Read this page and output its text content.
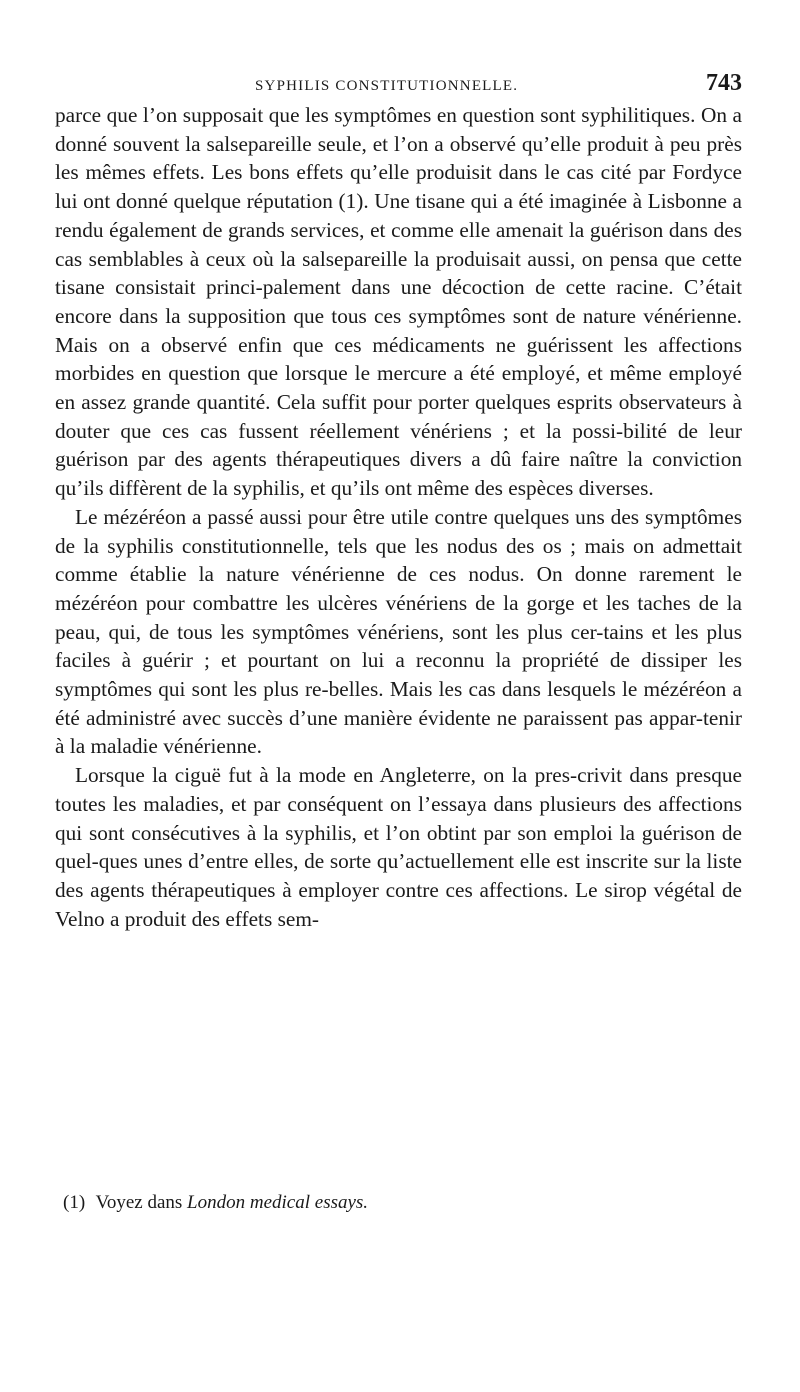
SYPHILIS CONSTITUTIONNELLE.	743

parce que l’on supposait que les symptômes en question sont syphilitiques. On a donné souvent la salsepareille seule, et l’on a observé qu’elle produit à peu près les mêmes effets. Les bons effets qu’elle produisit dans le cas cité par Fordyce lui ont donné quelque réputation (1). Une tisane qui a été imaginée à Lisbonne a rendu également de grands services, et comme elle amenait la guérison dans des cas semblables à ceux où la salsepareille la produisait aussi, on pensa que cette tisane consistait princi-palement dans une décoction de cette racine. C’était encore dans la supposition que tous ces symptômes sont de nature vénérienne. Mais on a observé enfin que ces médicaments ne guérissent les affections morbides en question que lorsque le mercure a été employé, et même employé en assez grande quantité. Cela suffit pour porter quelques esprits observateurs à douter que ces cas fussent réellement vénériens ; et la possi-bilité de leur guérison par des agents thérapeutiques divers a dû faire naître la conviction qu’ils diffèrent de la syphilis, et qu’ils ont même des espèces diverses.

Le mézéréon a passé aussi pour être utile contre quelques uns des symptômes de la syphilis constitutionnelle, tels que les nodus des os ; mais on admettait comme établie la nature vénérienne de ces nodus. On donne rarement le mézéréon pour combattre les ulcères vénériens de la gorge et les taches de la peau, qui, de tous les symptômes vénériens, sont les plus cer-tains et les plus faciles à guérir ; et pourtant on lui a reconnu la propriété de dissiper les symptômes qui sont les plus re-belles. Mais les cas dans lesquels le mézéréon a été administré avec succès d’une manière évidente ne paraissent pas appar-tenir à la maladie vénérienne.

Lorsque la ciguë fut à la mode en Angleterre, on la pres-crivit dans presque toutes les maladies, et par conséquent on l’essaya dans plusieurs des affections qui sont consécutives à la syphilis, et l’on obtint par son emploi la guérison de quel-ques unes d’entre elles, de sorte qu’actuellement elle est inscrite sur la liste des agents thérapeutiques à employer contre ces affections. Le sirop végétal de Velno a produit des effets sem-

(1) Voyez dans London medical essays.
